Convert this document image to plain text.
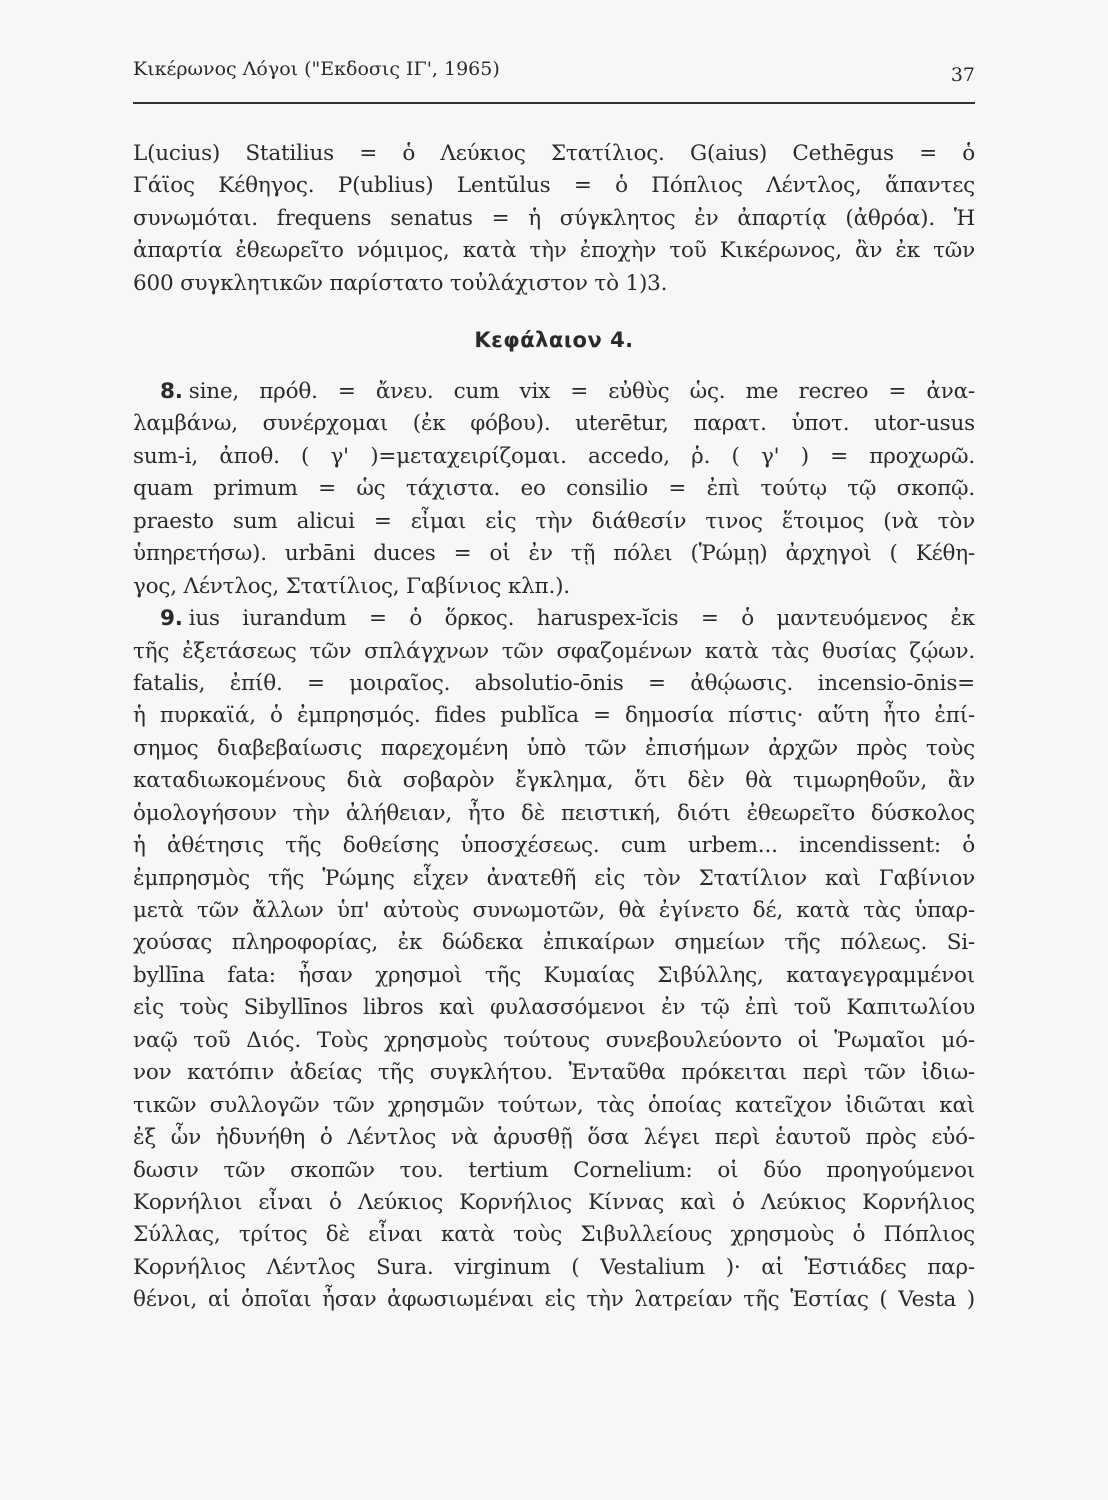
Κικέρωνος Λόγοι ("Εκδοσις ΙΓ', 1965)	37
L(ucius) Statilius = ὁ Λεύκιος Στατίλιος. G(aius) Cethēgus = ὁ
Γάϊος Κέθηγος. P(ublius) Lentŭlus = ὁ Πόπλιος Λέντλος, ἅπαντες
συνωμόται. frequens senatus = ἡ σύγκλητος ἐν ἀπαρτίᾳ (ἀθρόα). Ἡ
ἀπαρτία ἐθεωρεῖτο νόμιμος, κατὰ τὴν ἐποχὴν τοῦ Κικέρωνος, ἂν ἐκ τῶν
600 συγκλητικῶν παρίστατο τοὐλάχιστον τὸ 1)3.
Κεφάλαιον 4.
8. sine, πρόθ. = ἄνευ. cum vix = εὐθὺς ὡς. me recreo = ἀνα-
λαμβάνω, συνέρχομαι (ἐκ φόβου). uterētur, παρατ. ὑποτ. utor-usus
sum-i, ἀποθ. ( γ' )=μεταχειρίζομαι. accedo, ῥ. ( γ' ) = προχωρῶ.
quam primum = ὡς τάχιστα. eo consilio = ἐπὶ τούτῳ τῷ σκοπῷ.
praesto sum alicui = εἶμαι εἰς τὴν διάθεσίν τινος ἕτοιμος (νὰ τὸν
ὑπηρετήσω). urbāni duces = οἱ ἐν τῇ πόλει (Ῥώμῃ) ἀρχηγοὶ ( Κέθη-
γος, Λέντλος, Στατίλιος, Γαβίνιος κλπ.).
9. ius iurandum = ὁ ὅρκος. haruspex-ĭcis = ὁ μαντευόμενος ἐκ
τῆς ἐξετάσεως τῶν σπλάγχνων τῶν σφαζομένων κατὰ τὰς θυσίας ζῴων.
fatalis, ἐπίθ. = μοιραῖος. absolutio-ōnis = ἀθῴωσις. incensio-ōnis=
ἡ πυρκαϊά, ὁ ἐμπρησμός. fides publĭca = δημοσία πίστις· αὕτη ἦτο ἐπί-
σημος διαβεβαίωσις παρεχομένη ὑπὸ τῶν ἐπισήμων ἀρχῶν πρὸς τοὺς
καταδιωκομένους διὰ σοβαρὸν ἔγκλημα, ὅτι δὲν θὰ τιμωρηθοῦν, ἂν
ὁμολογήσουν τὴν ἀλήθειαν, ἦτο δὲ πειστική, διότι ἐθεωρεῖτο δύσκολος
ἡ ἀθέτησις τῆς δοθείσης ὑποσχέσεως. cum urbem... incendissent: ὁ
ἐμπρησμὸς τῆς Ῥώμης εἶχεν ἀνατεθῆ εἰς τὸν Στατίλιον καὶ Γαβίνιον
μετὰ τῶν ἄλλων ὑπ' αὐτοὺς συνωμοτῶν, θὰ ἐγίνετο δέ, κατὰ τὰς ὑπαρ-
χούσας πληροφορίας, ἐκ δώδεκα ἐπικαίρων σημείων τῆς πόλεως. Si-
byllīna fata: ἦσαν χρησμοὶ τῆς Κυμαίας Σιβύλλης, καταγεγραμμένοι
εἰς τοὺς Sibyllīnos libros καὶ φυλασσόμενοι ἐν τῷ ἐπὶ τοῦ Καπιτωλίου
ναῷ τοῦ Διός. Τοὺς χρησμοὺς τούτους συνεβουλεύοντο οἱ Ῥωμαῖοι μό-
νον κατόπιν ἀδείας τῆς συγκλήτου. Ἐνταῦθα πρόκειται περὶ τῶν ἰδιω-
τικῶν συλλογῶν τῶν χρησμῶν τούτων, τὰς ὁποίας κατεῖχον ἰδιῶται καὶ
ἐξ ὧν ἠδυνήθη ὁ Λέντλος νὰ ἀρυσθῇ ὅσα λέγει περὶ ἑαυτοῦ πρὸς εὐό-
δωσιν τῶν σκοπῶν του. tertium Cornelium: οἱ δύο προηγούμενοι
Κορνήλιοι εἶναι ὁ Λεύκιος Κορνήλιος Κίννας καὶ ὁ Λεύκιος Κορνήλιος
Σύλλας, τρίτος δὲ εἶναι κατὰ τοὺς Σιβυλλείους χρησμοὺς ὁ Πόπλιος
Κορνήλιος Λέντλος Sura. virginum ( Vestalium )· αἱ Ἑστιάδες παρ-
θένοι, αἱ ὁποῖαι ἦσαν ἀφωσιωμέναι εἰς τὴν λατρείαν τῆς Ἑστίας ( Vesta )
